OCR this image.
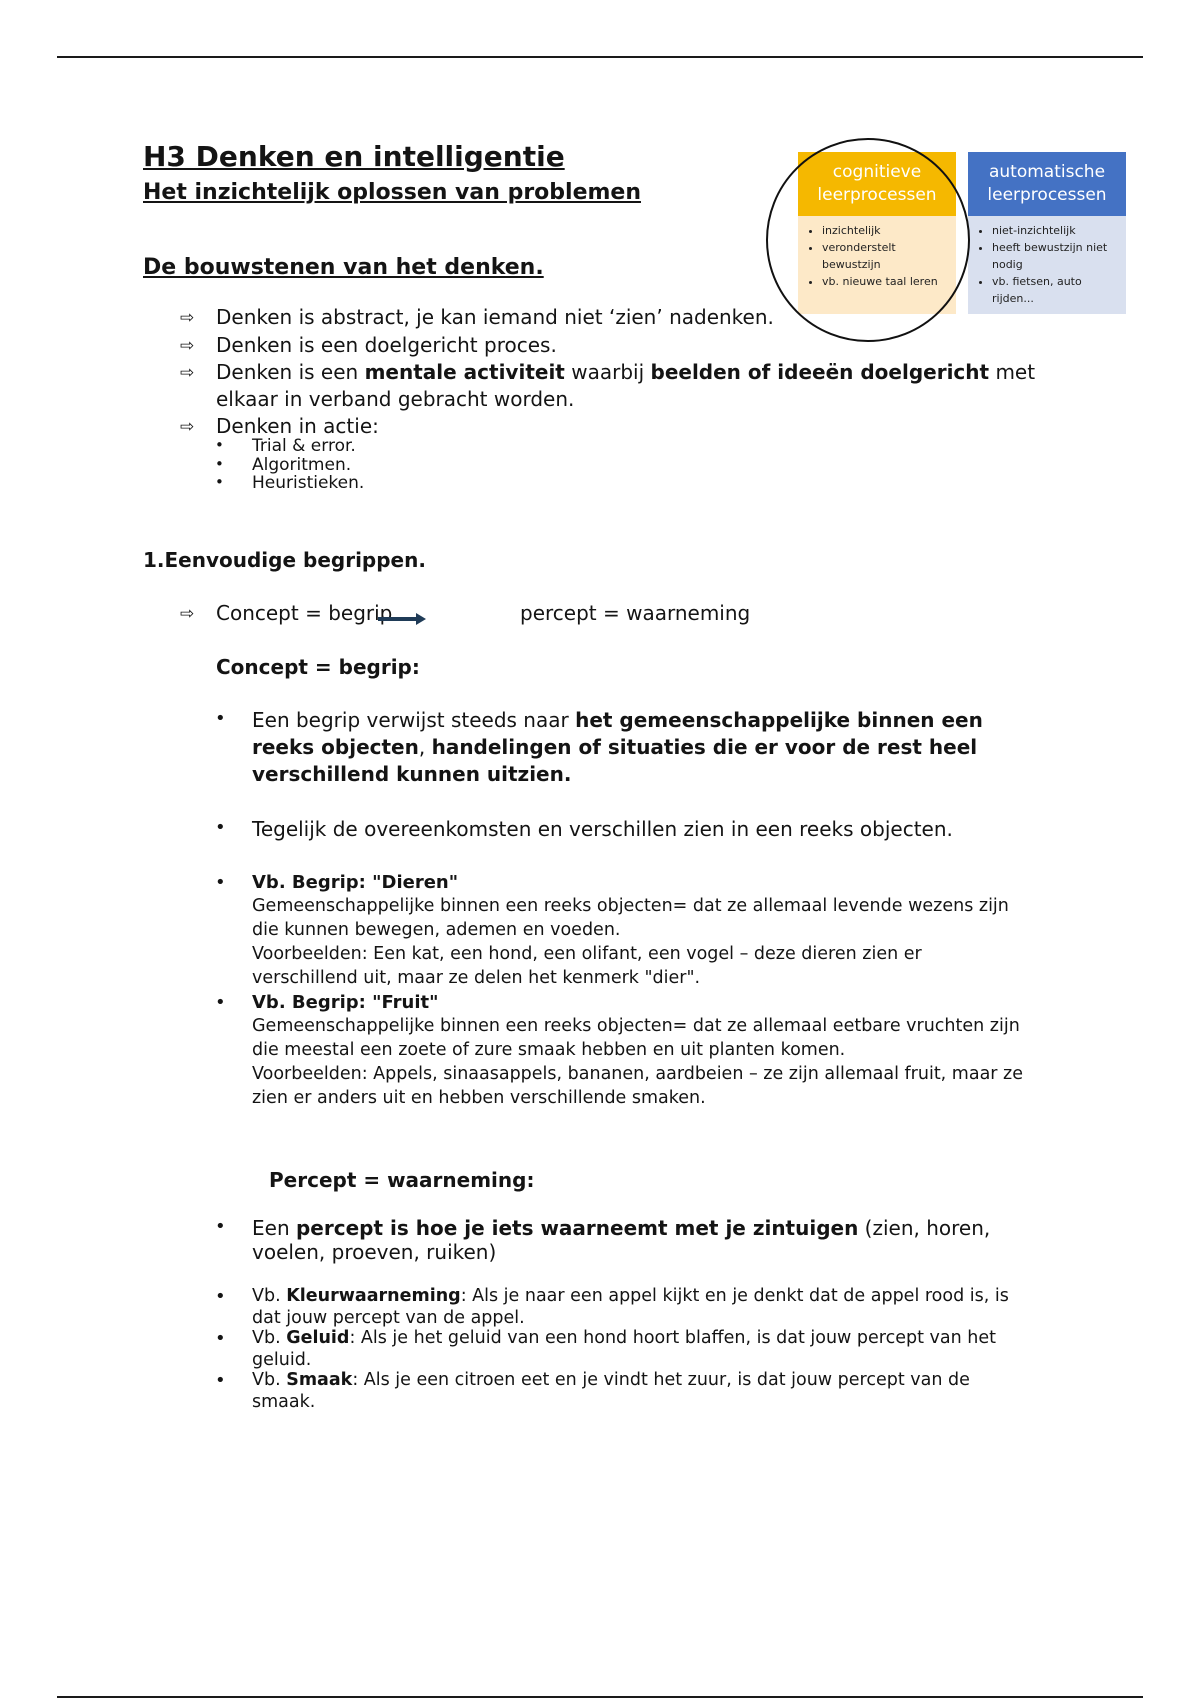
H3 Denken en intelligentie
Het inzichtelijk oplossen van problemen
De bouwstenen van het denken.
cognitieve
leerprocessen
• inzichtelijk
• veronderstelt bewustzijn
• vb. nieuwe taal leren
automatische
leerprocessen
• niet-inzichtelijk
• heeft bewustzijn niet nodig
• vb. fietsen, auto rijden...
⇨ Denken is abstract, je kan iemand niet ‘zien’ nadenken.
⇨ Denken is een doelgericht proces.
⇨ Denken is een mentale activiteit waarbij beelden of ideeën doelgericht met
elkaar in verband gebracht worden.
⇨ Denken in actie:
• Trial & error.
• Algoritmen.
• Heuristieken.
1.Eenvoudige begrippen.
⇨ Concept = begrip	percept = waarneming
Concept = begrip:
• Een begrip verwijst steeds naar het gemeenschappelijke binnen een
reeks objecten, handelingen of situaties die er voor de rest heel
verschillend kunnen uitzien.
• Tegelijk de overeenkomsten en verschillen zien in een reeks objecten.
• Vb. Begrip: "Dieren"
Gemeenschappelijke binnen een reeks objecten= dat ze allemaal levende wezens zijn
die kunnen bewegen, ademen en voeden.
Voorbeelden: Een kat, een hond, een olifant, een vogel – deze dieren zien er
verschillend uit, maar ze delen het kenmerk "dier".
• Vb. Begrip: "Fruit"
Gemeenschappelijke binnen een reeks objecten= dat ze allemaal eetbare vruchten zijn
die meestal een zoete of zure smaak hebben en uit planten komen.
Voorbeelden: Appels, sinaasappels, bananen, aardbeien – ze zijn allemaal fruit, maar ze
zien er anders uit en hebben verschillende smaken.
Percept = waarneming:
• Een percept is hoe je iets waarneemt met je zintuigen (zien, horen,
voelen, proeven, ruiken)
• Vb. Kleurwaarneming: Als je naar een appel kijkt en je denkt dat de appel rood is, is
dat jouw percept van de appel.
• Vb. Geluid: Als je het geluid van een hond hoort blaffen, is dat jouw percept van het
geluid.
• Vb. Smaak: Als je een citroen eet en je vindt het zuur, is dat jouw percept van de
smaak.
